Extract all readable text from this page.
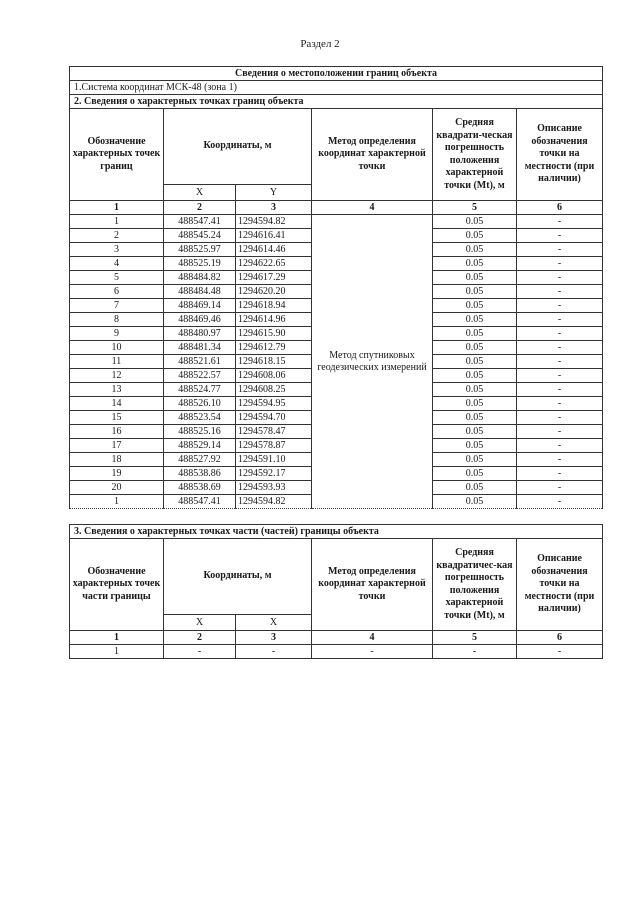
Раздел 2
Сведения о местоположении границ объекта					
1.Система координат МСК-48 (зона 1)					
2. Сведения о характерных точках границ объекта					
Обозначение характерных точек границ	Координаты, м		Метод определения координат характерной точки	Средняя квадрати-ческая погрешность положения характерной точки (Mt), м	Описание обозначения точки на местности (при наличии)
	X	Y			
1	2	3	4	5	6
1	488547.41	1294594.82	Метод спутниковых геодезических измерений	0.05	-
2	488545.24	1294616.41		0.05	-
3	488525.97	1294614.46		0.05	-
4	488525.19	1294622.65		0.05	-
5	488484.82	1294617.29		0.05	-
6	488484.48	1294620.20		0.05	-
7	488469.14	1294618.94		0.05	-
8	488469.46	1294614.96		0.05	-
9	488480.97	1294615.90		0.05	-
10	488481.34	1294612.79		0.05	-
11	488521.61	1294618.15		0.05	-
12	488522.57	1294608.06		0.05	-
13	488524.77	1294608.25		0.05	-
14	488526.10	1294594.95		0.05	-
15	488523.54	1294594.70		0.05	-
16	488525.16	1294578.47		0.05	-
17	488529.14	1294578.87		0.05	-
18	488527.92	1294591.10		0.05	-
19	488538.86	1294592.17		0.05	-
20	488538.69	1294593.93		0.05	-
1	488547.41	1294594.82		0.05	-
3. Сведения о характерных точках части (частей) границы объекта					
Обозначение характерных точек части границы	Координаты, м		Метод определения координат характерной точки	Средняя квадратичес-кая погрешность положения характерной точки (Mt), м	Описание обозначения точки на местности (при наличии)
	X	X			
1	2	3	4	5	6
1	-	-	-	-	-
